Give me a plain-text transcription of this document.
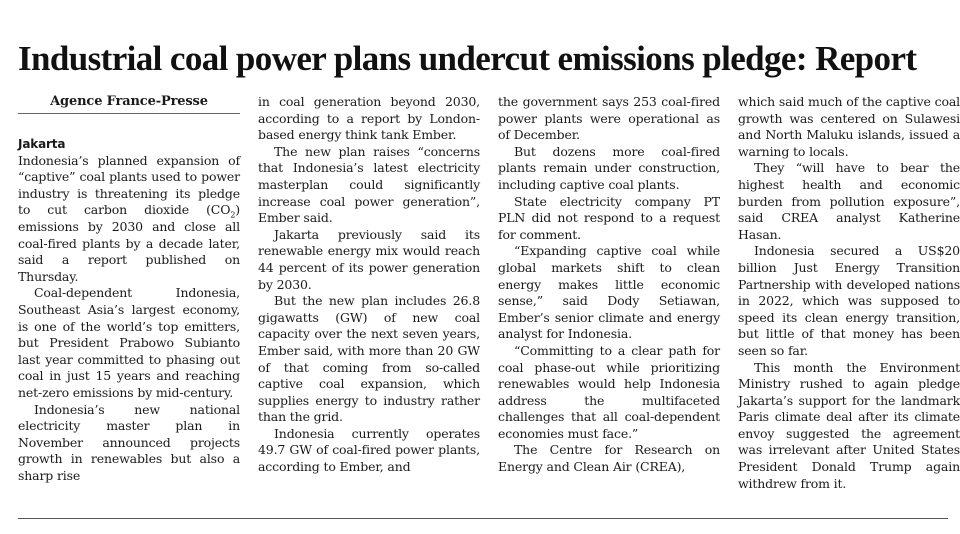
Industrial coal power plans undercut emissions pledge: Report
Agence France-Presse
Jakarta

Indonesia’s planned expansion of “captive” coal plants used to power industry is threatening its pledge to cut carbon dioxide $(CO_2)$ emissions by 2030 and close all coal-fired plants by a decade later, said a report published on Thursday.

Coal-dependent Indonesia, Southeast Asia’s largest economy, is one of the world’s top emitters, but President Prabowo Subianto last year committed to phasing out coal in just 15 years and reaching net-zero emissions by mid-century.

Indonesia’s new national electricity master plan in November announced projects growth in renewables but also a sharp rise

in coal generation beyond 2030, according to a report by London-based energy think tank Ember.

The new plan raises “concerns that Indonesia’s latest electricity masterplan could significantly increase coal power generation”, Ember said.

Jakarta previously said its renewable energy mix would reach 44 percent of its power generation by 2030.

But the new plan includes 26.8 gigawatts (GW) of new coal capacity over the next seven years, Ember said, with more than 20 GW of that coming from so-called captive coal expansion, which supplies energy to industry rather than the grid.

Indonesia currently operates 49.7 GW of coal-fired power plants, according to Ember, and

the government says 253 coal-fired power plants were operational as of December.

But dozens more coal-fired plants remain under construction, including captive coal plants.

State electricity company PT PLN did not respond to a request for comment.

“Expanding captive coal while global markets shift to clean energy makes little economic sense,” said Dody Setiawan, Ember’s senior climate and energy analyst for Indonesia.

“Committing to a clear path for coal phase-out while prioritizing renewables would help Indonesia address the multifaceted challenges that all coal-dependent economies must face.”

The Centre for Research on Energy and Clean Air (CREA),

which said much of the captive coal growth was centered on Sulawesi and North Maluku islands, issued a warning to locals.

They “will have to bear the highest health and economic burden from pollution exposure”, said CREA analyst Katherine Hasan.

Indonesia secured a US$20 billion Just Energy Transition Partnership with developed nations in 2022, which was supposed to speed its clean energy transition, but little of that money has been seen so far.

This month the Environment Ministry rushed to again pledge Jakarta’s support for the landmark Paris climate deal after its climate envoy suggested the agreement was irrelevant after United States President Donald Trump again withdrew from it.
